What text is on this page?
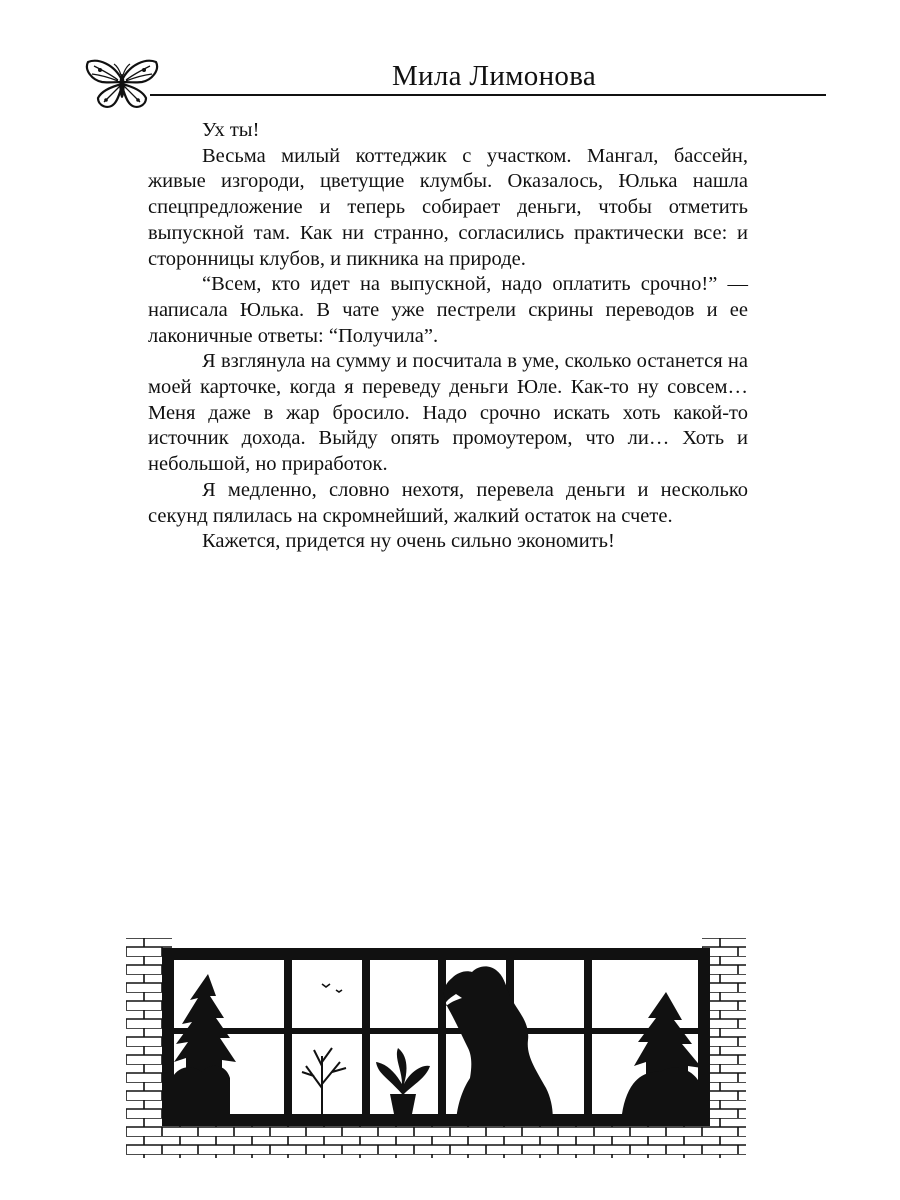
Мила Лимонова

Ух ты!

Весьма милый коттеджик с участком. Мангал, бассейн, живые изгороди, цветущие клумбы. Оказалось, Юлька нашла спецпредложение и теперь собирает деньги, чтобы отметить выпускной там. Как ни странно, согласились практически все: и сторонницы клубов, и пикника на природе.

“Всем, кто идет на выпускной, надо оплатить срочно!” — написала Юлька. В чате уже пестрели скрины переводов и ее лаконичные ответы: “Получила”.

Я взглянула на сумму и посчитала в уме, сколько останется на моей карточке, когда я переведу деньги Юле. Как-то ну совсем… Меня даже в жар бросило. Надо срочно искать хоть какой-то источник дохода. Выйду опять промоутером, что ли… Хоть и небольшой, но приработок.

Я медленно, словно нехотя, перевела деньги и несколько секунд пялилась на скромнейший, жалкий остаток на счете.

Кажется, придется ну очень сильно экономить!
